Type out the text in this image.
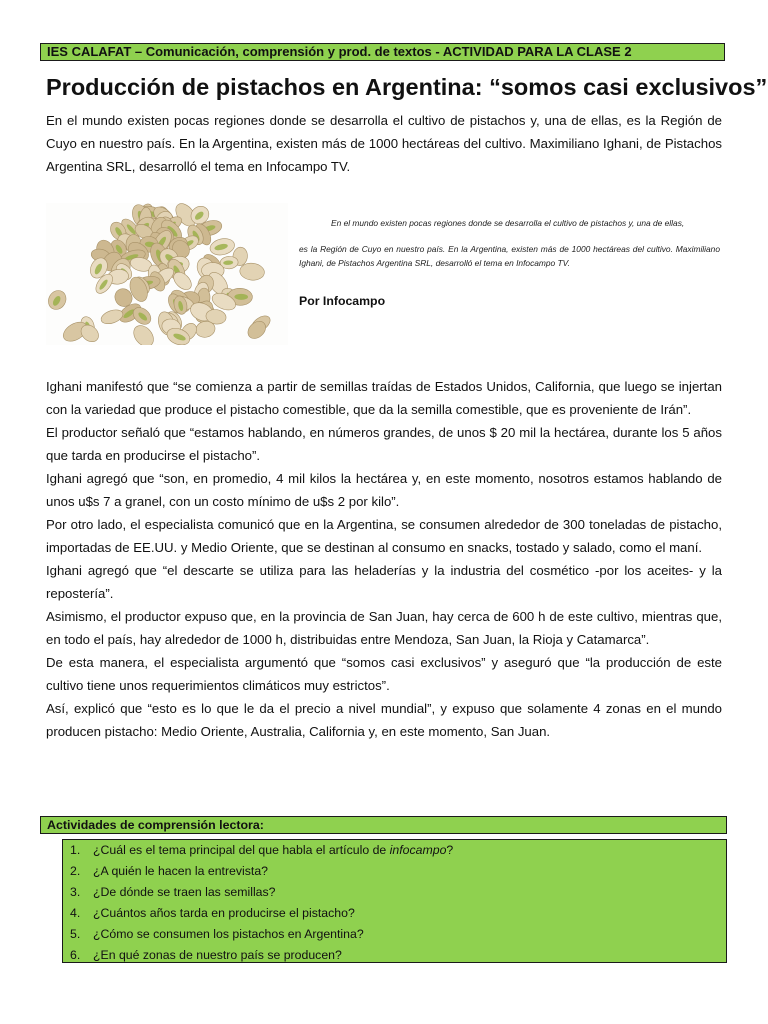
IES CALAFAT – Comunicación, comprensión y prod. de textos - ACTIVIDAD PARA LA CLASE 2
Producción de pistachos en Argentina: “somos casi exclusivos”

En el mundo existen pocas regiones donde se desarrolla el cultivo de pistachos y, una de ellas, es la Región de Cuyo en nuestro país. En la Argentina, existen más de 1000 hectáreas del cultivo. Maximiliano Ighani, de Pistachos Argentina SRL, desarrolló el tema en Infocampo TV.

En el mundo existen pocas regiones donde se desarrolla el cultivo de pistachos y, una de ellas,

es la Región de Cuyo en nuestro país. En la Argentina, existen más de 1000 hectáreas del cultivo. Maximiliano Ighani, de Pistachos Argentina SRL, desarrolló el tema en Infocampo TV.

Por Infocampo

Ighani manifestó que “se comienza a partir de semillas traídas de Estados Unidos, California, que luego se injertan con la variedad que produce el pistacho comestible, que da la semilla comestible, que es proveniente de Irán”.

El productor señaló que “estamos hablando, en números grandes, de unos $ 20 mil la hectárea, durante los 5 años que tarda en producirse el pistacho”.

Ighani agregó que “son, en promedio, 4 mil kilos la hectárea y, en este momento, nosotros estamos hablando de unos u$s 7 a granel, con un costo mínimo de u$s 2 por kilo”.

Por otro lado, el especialista comunicó que en la Argentina, se consumen alrededor de 300 toneladas de pistacho, importadas de EE.UU. y Medio Oriente, que se destinan al consumo en snacks, tostado y salado, como el maní.

Ighani agregó que “el descarte se utiliza para las heladerías y la industria del cosmético -por los aceites- y la repostería”.

Asimismo, el productor expuso que, en la provincia de San Juan, hay cerca de 600 h de este cultivo, mientras que, en todo el país, hay alrededor de 1000 h, distribuidas entre Mendoza, San Juan, la Rioja y Catamarca”.

De esta manera, el especialista argumentó que “somos casi exclusivos” y aseguró que “la producción de este cultivo tiene unos requerimientos climáticos muy estrictos”.

Así, explicó que “esto es lo que le da el precio a nivel mundial”, y expuso que solamente 4 zonas en el mundo producen pistacho: Medio Oriente, Australia, California y, en este momento, San Juan.

Actividades de comprensión lectora:
1. ¿Cuál es el tema principal del que habla el artículo de infocampo?
2. ¿A quién le hacen la entrevista?
3. ¿De dónde se traen las semillas?
4. ¿Cuántos años tarda en producirse el pistacho?
5. ¿Cómo se consumen los pistachos en Argentina?
6. ¿En qué zonas de nuestro país se producen?
